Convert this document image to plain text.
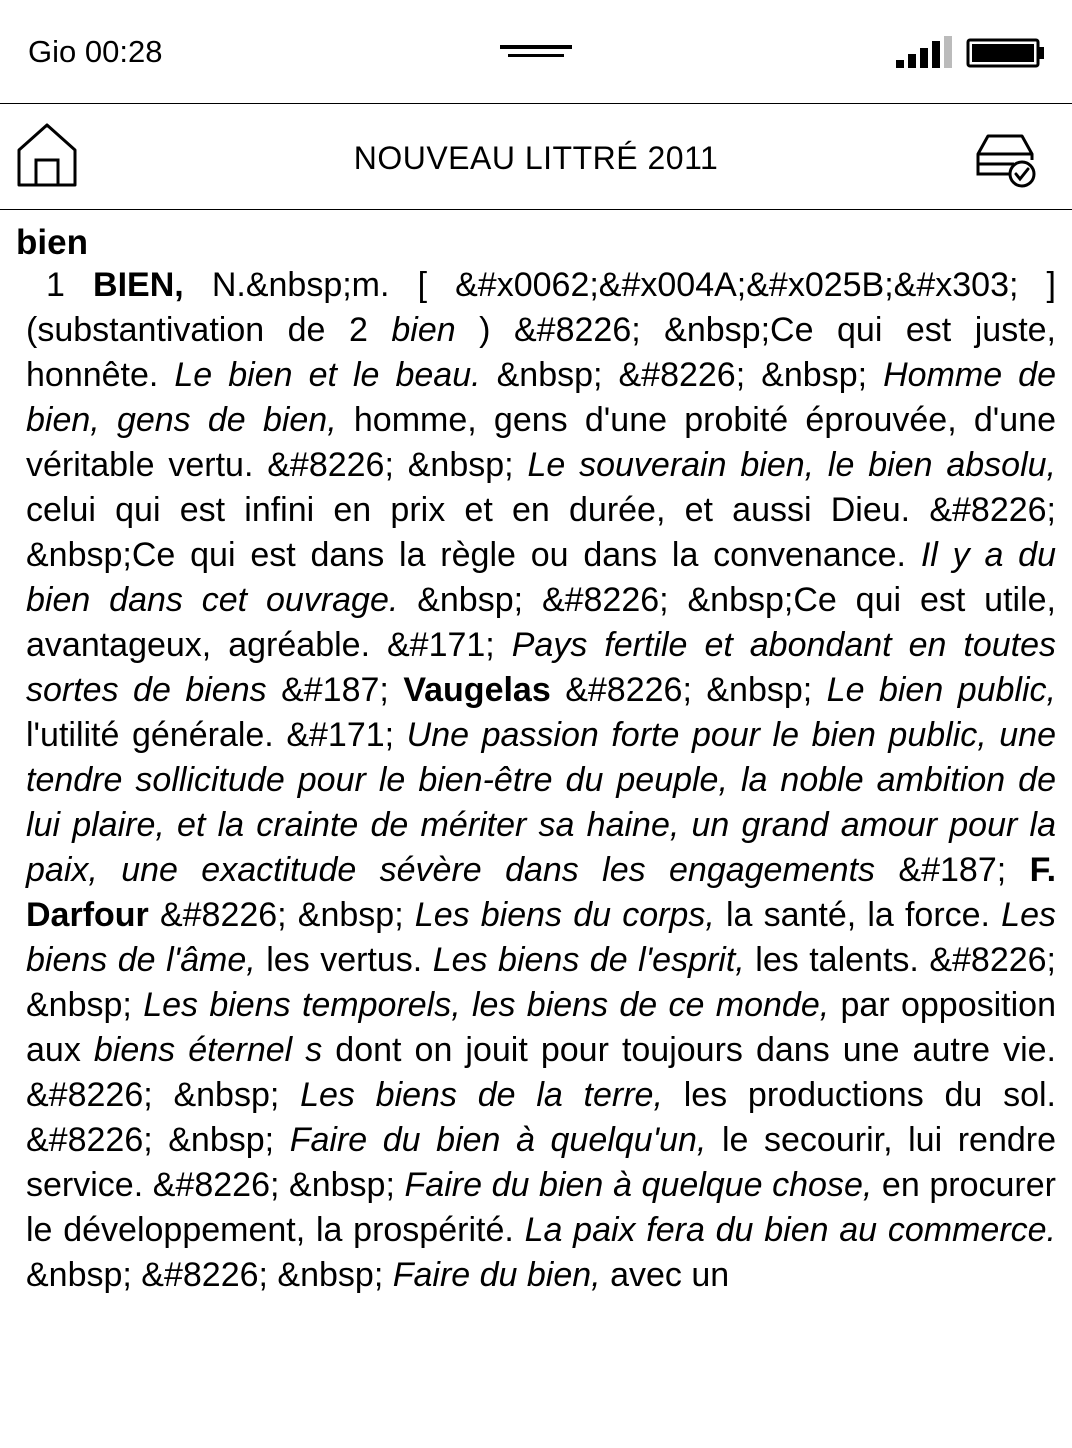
Gio 00:28
NOUVEAU LITTRÉ 2011
bien

1 BIEN, N.&nbsp;m. [ &#x0062;&#x004A;&#x025B;&#x303; ] (substantivation de 2 bien ) &#8226; &nbsp;Ce qui est juste, honnête. Le bien et le beau. &nbsp; &#8226; &nbsp; Homme de bien, gens de bien, homme, gens d'une probité éprouvée, d'une véritable vertu. &#8226; &nbsp; Le souverain bien, le bien absolu, celui qui est infini en prix et en durée, et aussi Dieu. &#8226; &nbsp;Ce qui est dans la règle ou dans la convenance. Il y a du bien dans cet ouvrage. &nbsp; &#8226; &nbsp;Ce qui est utile, avantageux, agréable. &#171; Pays fertile et abondant en toutes sortes de biens &#187; Vaugelas &#8226; &nbsp; Le bien public, l'utilité générale. &#171; Une passion forte pour le bien public, une tendre sollicitude pour le bien-être du peuple, la noble ambition de lui plaire, et la crainte de mériter sa haine, un grand amour pour la paix, une exactitude sévère dans les engagements &#187; F. Darfour &#8226; &nbsp; Les biens du corps, la santé, la force. Les biens de l'âme, les vertus. Les biens de l'esprit, les talents. &#8226; &nbsp; Les biens temporels, les biens de ce monde, par opposition aux biens éternel s dont on jouit pour toujours dans une autre vie. &#8226; &nbsp; Les biens de la terre, les productions du sol. &#8226; &nbsp; Faire du bien à quelqu'un, le secourir, lui rendre service. &#8226; &nbsp; Faire du bien à quelque chose, en procurer le développement, la prospérité. La paix fera du bien au commerce. &nbsp; &#8226; &nbsp; Faire du bien, avec un
